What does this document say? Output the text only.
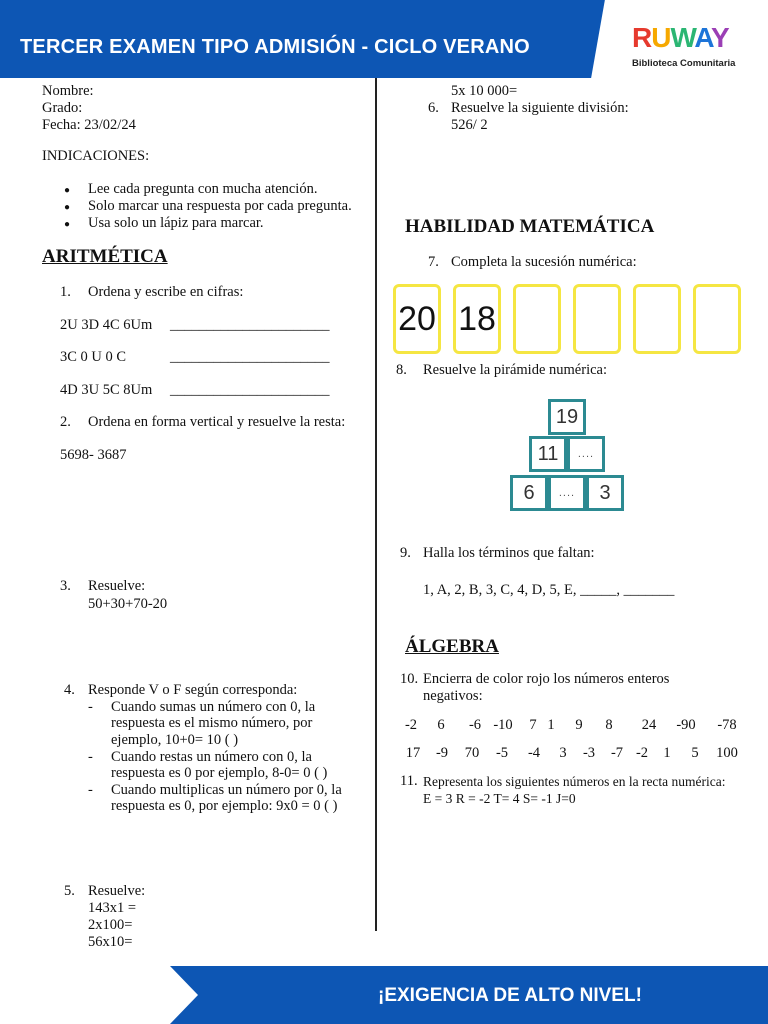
TERCER EXAMEN TIPO ADMISIÓN - CICLO VERANO	RUWAY
Biblioteca Comunitaria
Nombre:
Grado:
Fecha: 23/02/24
INDICACIONES:
● Lee cada pregunta con mucha atención.
● Solo marcar una respuesta por cada pregunta.
● Usa solo un lápiz para marcar.
ARITMÉTICA
1. Ordena y escribe en cifras:
2U 3D 4C 6Um ______________________
3C 0 U 0 C	______________________
4D 3U 5C 8Um ______________________
2. Ordena en forma vertical y resuelve la resta:
5698- 3687
3. Resuelve:
50+30+70-20
4. Responde V o F según corresponda:
- Cuando sumas un número con 0, la
respuesta es el mismo número, por
ejemplo, 10+0= 10 ( )
- Cuando restas un número con 0, la
respuesta es 0 por ejemplo, 8-0= 0 ( )
- Cuando multiplicas un número por 0, la
respuesta es 0, por ejemplo: 9x0 = 0 ( )
5. Resuelve:
143x1 =
2x100=
56x10=
5x 10 000=
6. Resuelve la siguiente división:
526/ 2
HABILIDAD MATEMÁTICA
7. Completa la sucesión numérica:
20 18
8. Resuelve la pirámide numérica:
19
11	....
6	....	3
9. Halla los términos que faltan:
1, A, 2, B, 3, C, 4, D, 5, E, _____, _______
ÁLGEBRA
10. Encierra de color rojo los números enteros
negativos:
-2	6	-6 -10	7 1	9	8	24	-90	-78
17	-9	70	-5	-4	3	-3	-7 -2	1	5	100
11. Representa los siguientes números en la recta numérica:
E = 3 R = -2 T= 4 S= -1 J=0
¡EXIGENCIA DE ALTO NIVEL!
